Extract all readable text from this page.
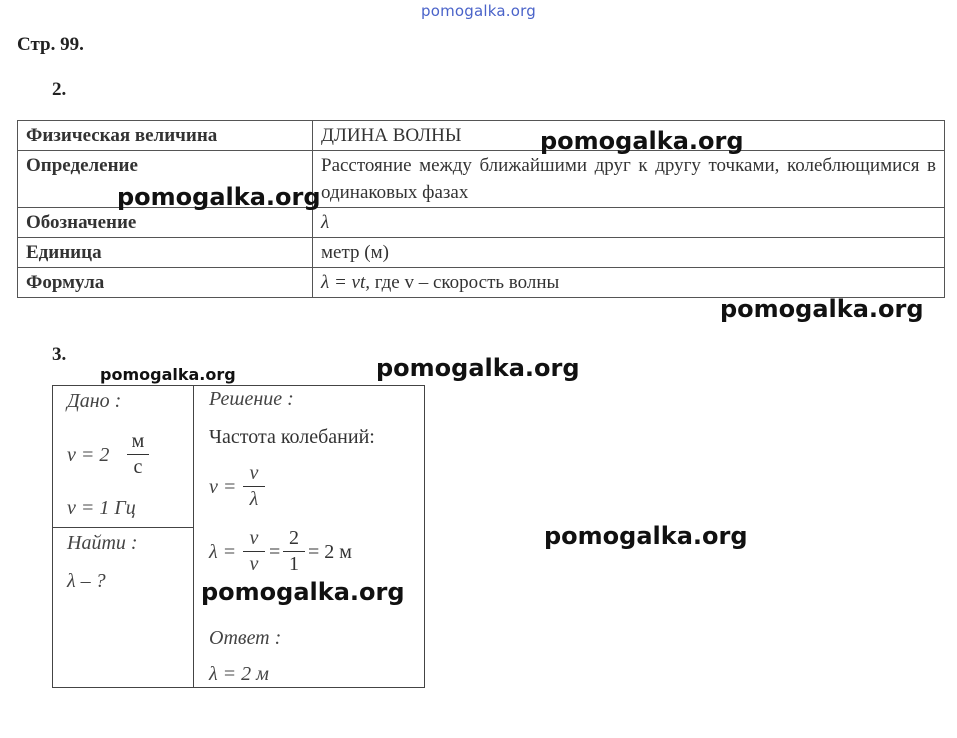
pomogalka.org
Стр. 99.
2.
Физическая величина	ДЛИНА ВОЛНЫ
Определение	Расстояние между ближайшими друг к другу точками, колеблющимися в одинаковых фазах
Обозначение	λ
Единица	метр (м)
Формула	λ = vt, где v – скорость волны
3.
Дано :
v = 2
м
с
ν = 1 Гц
Найти :
λ – ?
Решение :
Частота колебаний:
ν =
v
λ
λ =
v
ν
=
2
1
= 2 м
Ответ :
λ = 2 м
pomogalka.org
pomogalka.org
pomogalka.org
pomogalka.org	pomogalka.org
pomogalka.org
pomogalka.org
